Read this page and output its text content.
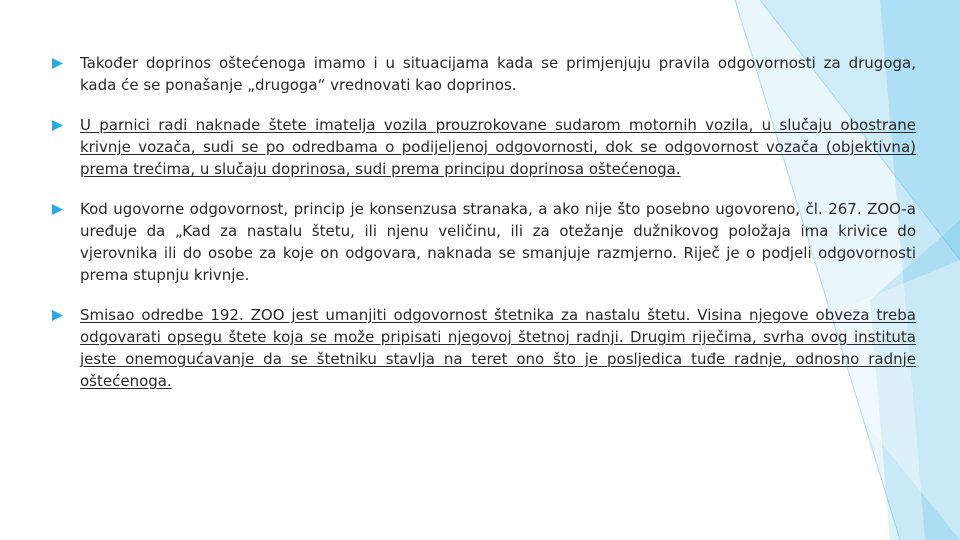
Također doprinos oštećenoga imamo i u situacijama kada se primjenjuju pravila odgovornosti za drugoga, kada će se ponašanje „drugoga“ vrednovati kao doprinos.
U parnici radi naknade štete imatelja vozila prouzrokovane sudarom motornih vozila, u slučaju obostrane krivnje vozača, sudi se po odredbama o podijeljenoj odgovornosti, dok se odgovornost vozača (objektivna) prema trećima, u slučaju doprinosa, sudi prema principu doprinosa oštećenoga.
Kod ugovorne odgovornost, princip je konsenzusa stranaka, a ako nije što posebno ugovoreno, čl. 267. ZOO-a uređuje da „Kad za nastalu štetu, ili njenu veličinu, ili za otežanje dužnikovog položaja ima krivice do vjerovnika ili do osobe za koje on odgovara, naknada se smanjuje razmjerno. Riječ je o podjeli odgovornosti prema stupnju krivnje.
Smisao odredbe 192. ZOO jest umanjiti odgovornost štetnika za nastalu štetu. Visina njegove obveza treba odgovarati opsegu štete koja se može pripisati njegovoj štetnoj radnji. Drugim riječima, svrha ovog instituta jeste onemogućavanje da se štetniku stavlja na teret ono što je posljedica tuđe radnje, odnosno radnje oštećenoga.
